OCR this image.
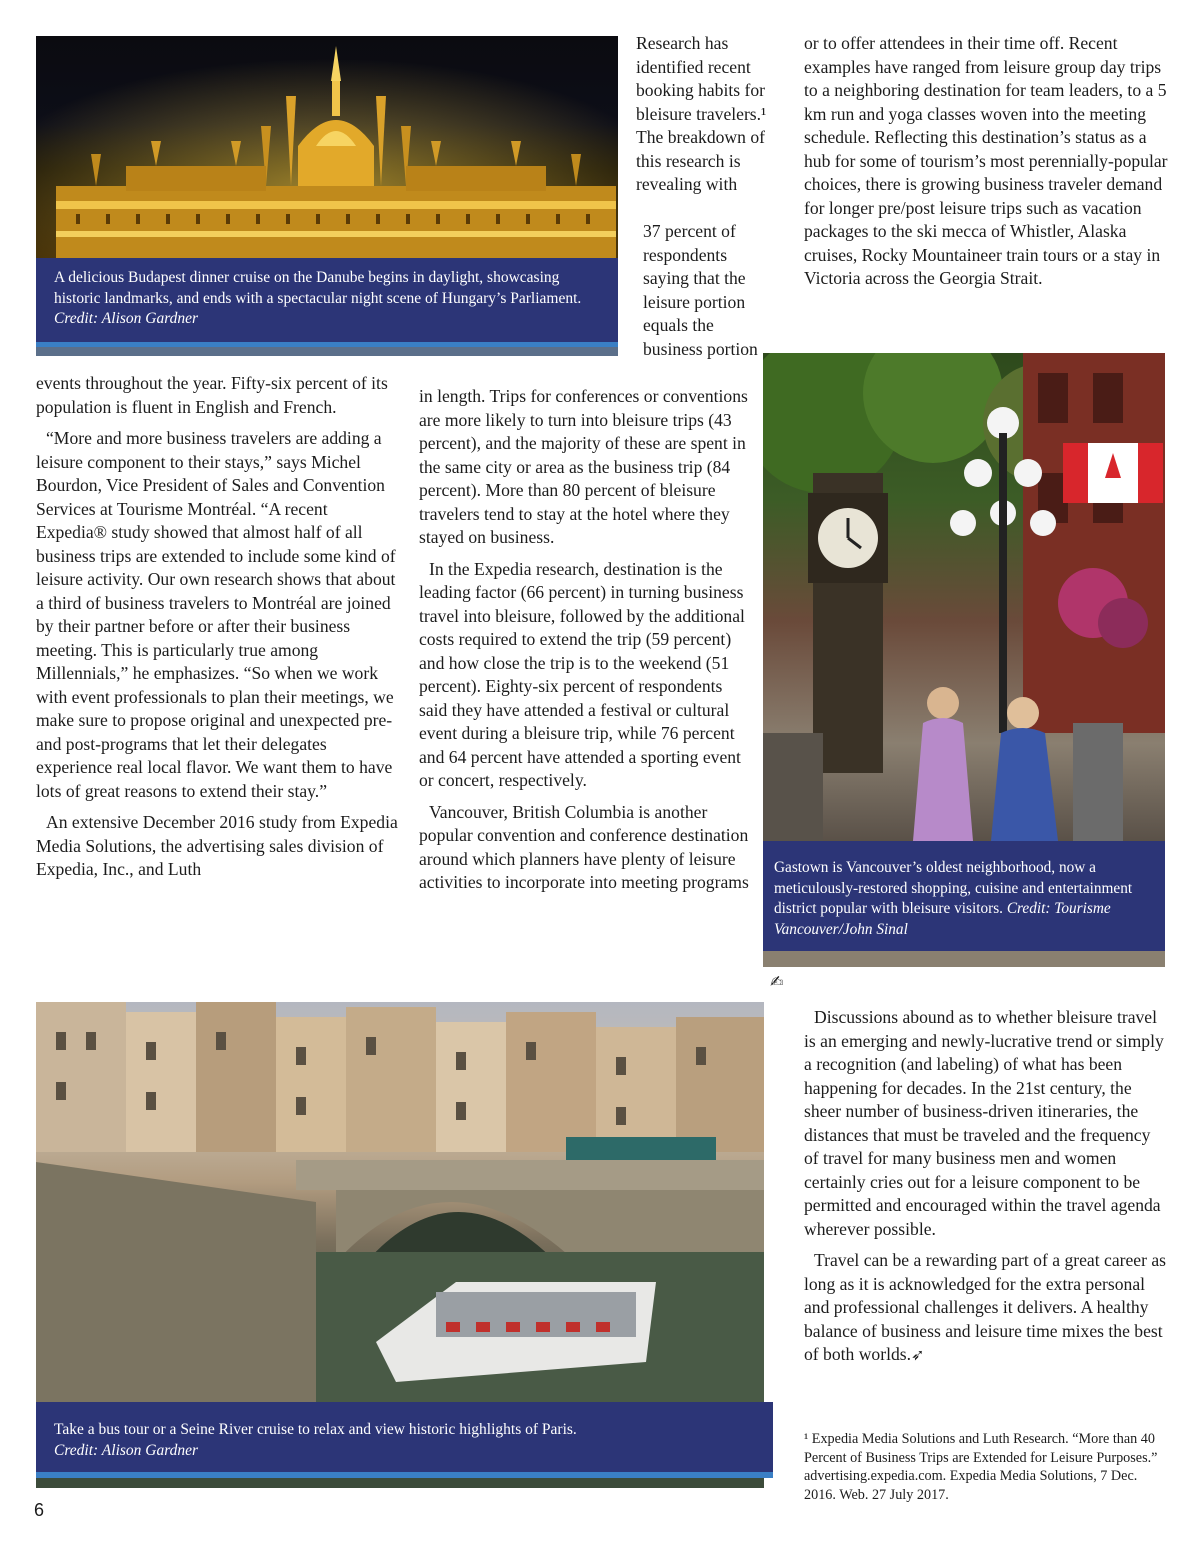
A delicious Budapest dinner cruise on the Danube begins in daylight, showcasing historic landmarks, and ends with a spectacular night scene of Hungary’s Parliament. Credit: Alison Gardner

events throughout the year. Fifty-six percent of its population is fluent in English and French.

“More and more business travelers are adding a leisure component to their stays,” says Michel Bourdon, Vice President of Sales and Convention Services at Tourisme Montréal. “A recent Expedia® study showed that almost half of all business trips are extended to include some kind of leisure activity. Our own research shows that about a third of business travelers to Montréal are joined by their partner before or after their business meeting. This is particularly true among Millennials,” he emphasizes. “So when we work with event professionals to plan their meetings, we make sure to propose original and unexpected pre- and post-programs that let their delegates experience real local flavor. We want them to have lots of great reasons to extend their stay.”

An extensive December 2016 study from Expedia Media Solutions, the advertising sales division of Expedia, Inc., and Luth

Research has identified recent booking habits for bleisure travelers.¹ The breakdown of this research is revealing with
37 percent of respondents saying that the leisure portion equals the business portion

in length. Trips for conferences or conventions are more likely to turn into bleisure trips (43 percent), and the majority of these are spent in the same city or area as the business trip (84 percent). More than 80 percent of bleisure travelers tend to stay at the hotel where they stayed on business.

In the Expedia research, destination is the leading factor (66 percent) in turning business travel into bleisure, followed by the additional costs required to extend the trip (59 percent) and how close the trip is to the weekend (51 percent). Eighty-six percent of respondents said they have attended a festival or cultural event during a bleisure trip, while 76 percent and 64 percent have attended a sporting event or concert, respectively.

Vancouver, British Columbia is another popular convention and conference destination around which planners have plenty of leisure activities to incorporate into meeting programs

or to offer attendees in their time off. Recent examples have ranged from leisure group day trips to a neighboring destination for team leaders, to a 5 km run and yoga classes woven into the meeting schedule. Reflecting this destination’s status as a hub for some of tourism’s most perennially-popular choices, there is growing business traveler demand for longer pre/post leisure trips such as vacation packages to the ski mecca of Whistler, Alaska cruises, Rocky Mountaineer train tours or a stay in Victoria across the Georgia Strait.
Gastown is Vancouver’s oldest neighborhood, now a meticulously-restored shopping, cuisine and entertainment district popular with bleisure visitors. Credit: Tourisme Vancouver/John Sinal
✍
Take a bus tour or a Seine River cruise to relax and view historic highlights of Paris.
Credit: Alison Gardner

Discussions abound as to whether bleisure travel is an emerging and newly-lucrative trend or simply a recognition (and labeling) of what has been happening for decades. In the 21st century, the sheer number of business-driven itineraries, the distances that must be traveled and the frequency of travel for many business men and women certainly cries out for a leisure component to be permitted and encouraged within the travel agenda wherever possible.

Travel can be a rewarding part of a great career as long as it is acknowledged for the extra personal and professional challenges it delivers. A healthy balance of business and leisure time mixes the best of both worlds.➶

¹ Expedia Media Solutions and Luth Research. “More than 40 Percent of Business Trips are Extended for Leisure Purposes.” advertising.expedia.com. Expedia Media Solutions, 7 Dec. 2016. Web. 27 July 2017.
6
